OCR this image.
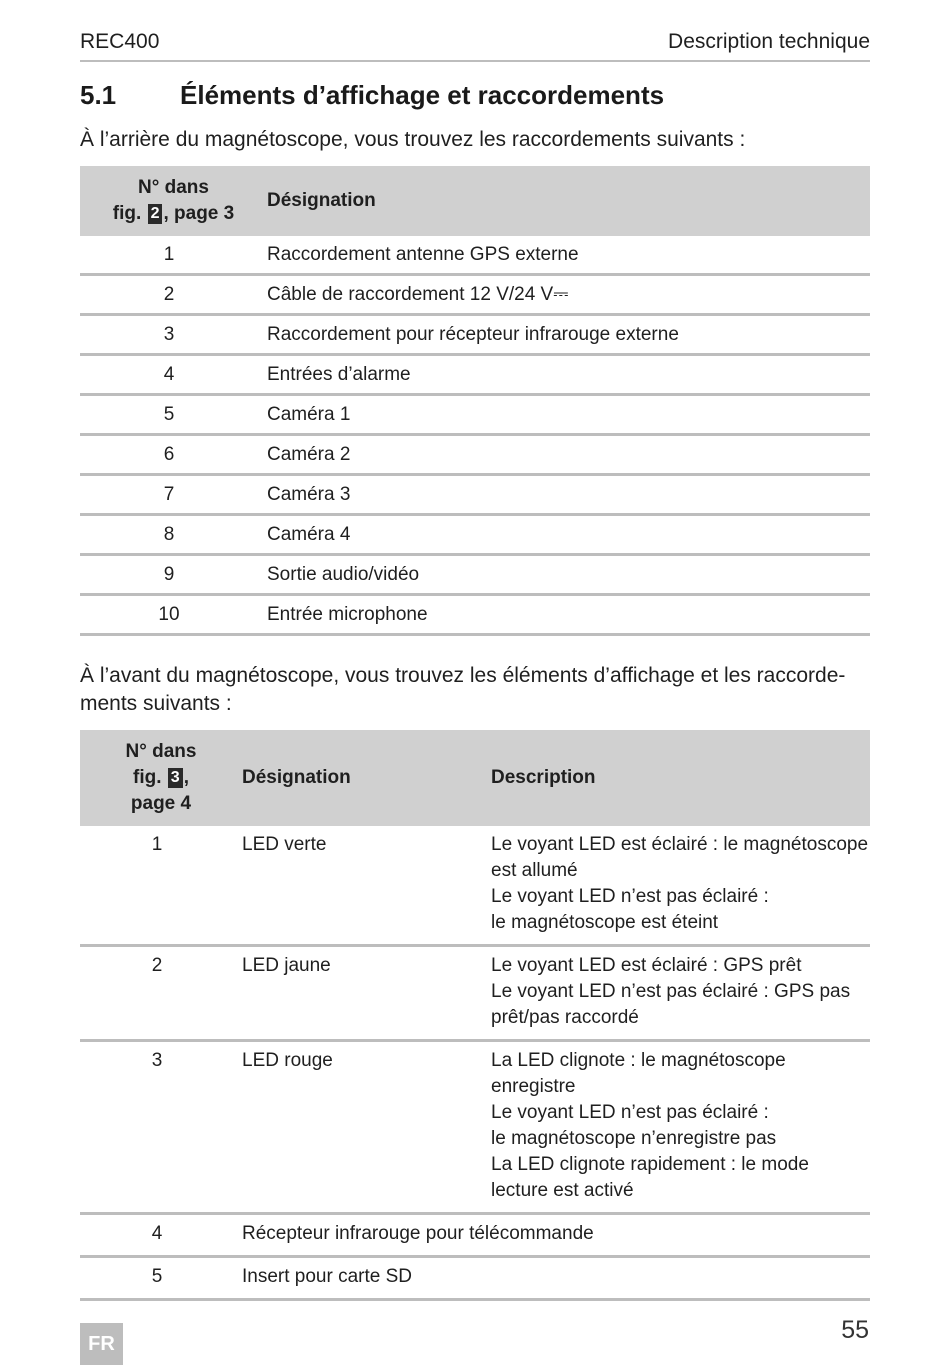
REC400	Description technique
5.1 Éléments d’affichage et raccordements
À l’arrière du magnétoscope, vous trouvez les raccordements suivants :
N° dans
fig. 2 , page 3	Désignation
1	Raccordement antenne GPS externe
2	Câble de raccordement 12 V/24 V⎓
3	Raccordement pour récepteur infrarouge externe
4	Entrées d’alarme
5	Caméra 1
6	Caméra 2
7	Caméra 3
8	Caméra 4
9	Sortie audio/vidéo
10	Entrée microphone
À l’avant du magnétoscope, vous trouvez les éléments d’affichage et les raccorde-
ments suivants :
N° dans
fig. 3 ,
page 4	Désignation	Description
1	LED verte	Le voyant LED est éclairé : le magnétoscope est allumé
Le voyant LED n’est pas éclairé :
le magnétoscope est éteint
2	LED jaune	Le voyant LED est éclairé : GPS prêt
Le voyant LED n’est pas éclairé : GPS pas prêt/pas raccordé
3	LED rouge	La LED clignote : le magnétoscope enregistre
Le voyant LED n’est pas éclairé :
le magnétoscope n’enregistre pas
La LED clignote rapidement : le mode lecture est activé
4	Récepteur infrarouge pour télécommande	
5	Insert pour carte SD	
FR	55
